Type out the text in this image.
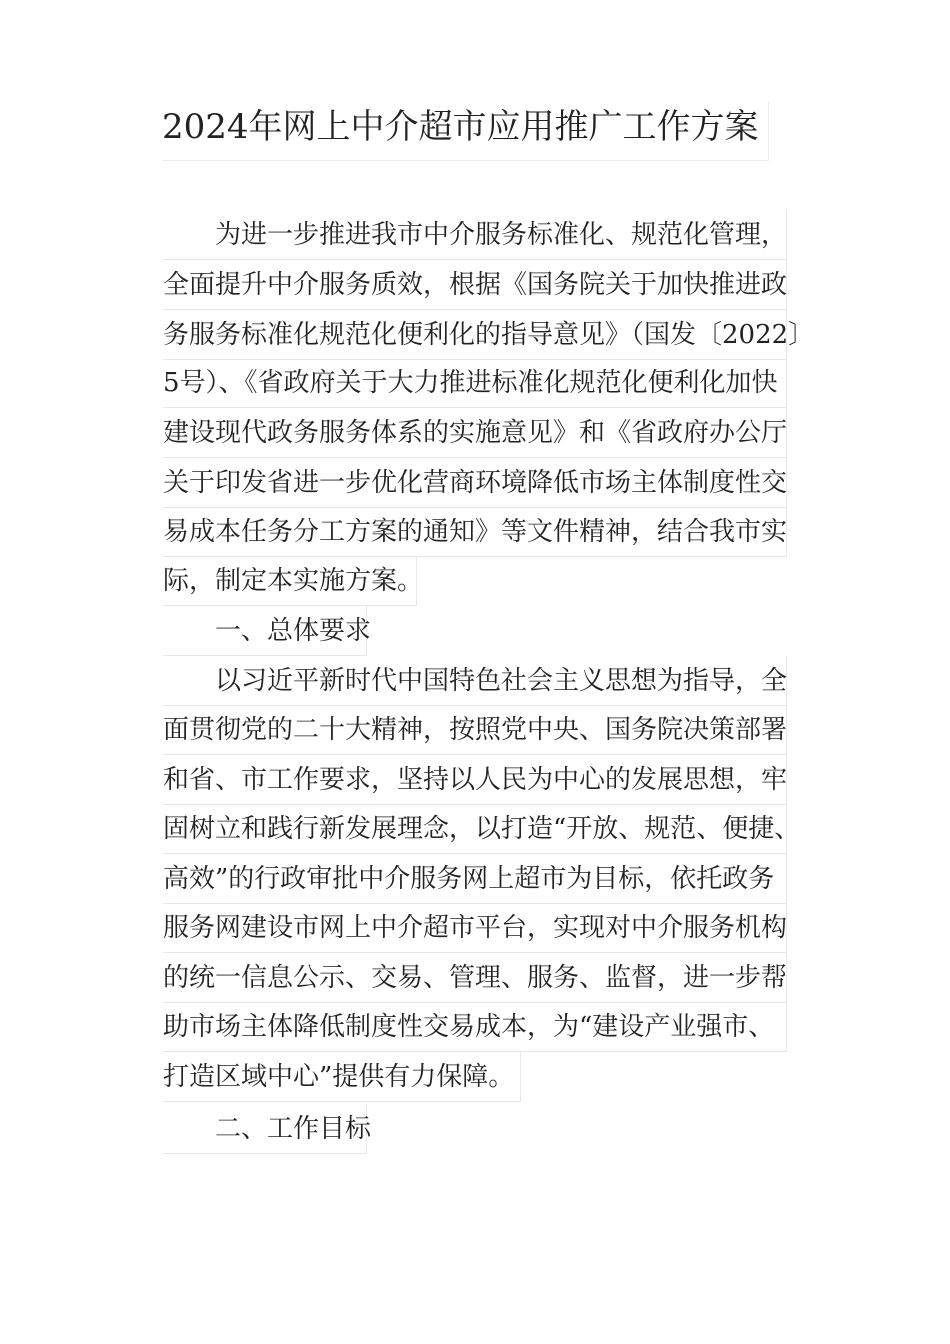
2024年网上中介超市应用推广工作方案
为进一步推进我市中介服务标准化、规范化管理，
全面提升中介服务质效，根据《国务院关于加快推进政
务服务标准化规范化便利化的指导意见》（国发〔2022〕
5号）、《省政府关于大力推进标准化规范化便利化加快
建设现代政务服务体系的实施意见》和《省政府办公厅
关于印发省进一步优化营商环境降低市场主体制度性交
易成本任务分工方案的通知》等文件精神，结合我市实
际，制定本实施方案。
一、总体要求
以习近平新时代中国特色社会主义思想为指导，全
面贯彻党的二十大精神，按照党中央、国务院决策部署
和省、市工作要求，坚持以人民为中心的发展思想，牢
固树立和践行新发展理念，以打造“开放、规范、便捷、
高效”的行政审批中介服务网上超市为目标，依托政务
服务网建设市网上中介超市平台，实现对中介服务机构
的统一信息公示、交易、管理、服务、监督，进一步帮
助市场主体降低制度性交易成本，为“建设产业强市、
打造区域中心”提供有力保障。
二、工作目标
